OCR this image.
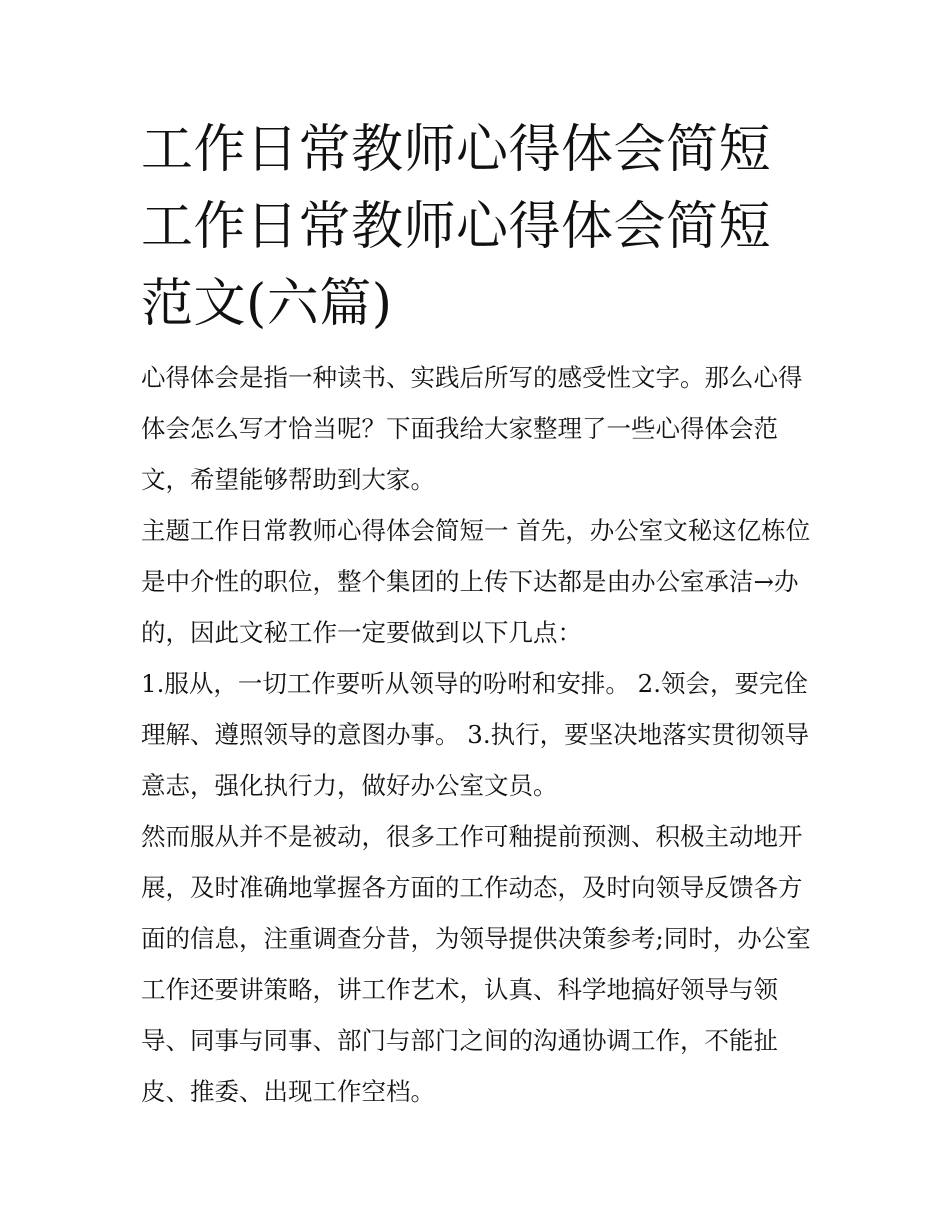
工作日常教师心得体会简短 工作日常教师心得体会简短范文(六篇)

心得体会是指一种读书、实践后所写的感受性文字。那么心得体会怎么写才恰当呢？下面我给大家整理了一些心得体会范文，希望能够帮助到大家。

主题工作日常教师心得体会简短一 首先，办公室文秘这亿栋位是中介性的职位，整个集团的上传下达都是由办公室承洁→办的，因此文秘工作一定要做到以下几点：

1.服从，一切工作要听从领导的吩咐和安排。 2.领会，要完佺理解、遵照领导的意图办事。 3.执行，要坚决地落实贯彻领导意志，强化执行力，做好办公室文员。

然而服从并不是被动，很多工作可釉提前预测、积极主动地开展，及时准确地掌握各方面的工作动态，及时向领导反馈各方面的信息，注重调查分昔，为领导提供决策参考;同时，办公室工作还要讲策略，讲工作艺术，认真、科学地搞好领导与领导、同事与同事、部门与部门之间的沟通协调工作，不能扯皮、推委、出现工作空档。
